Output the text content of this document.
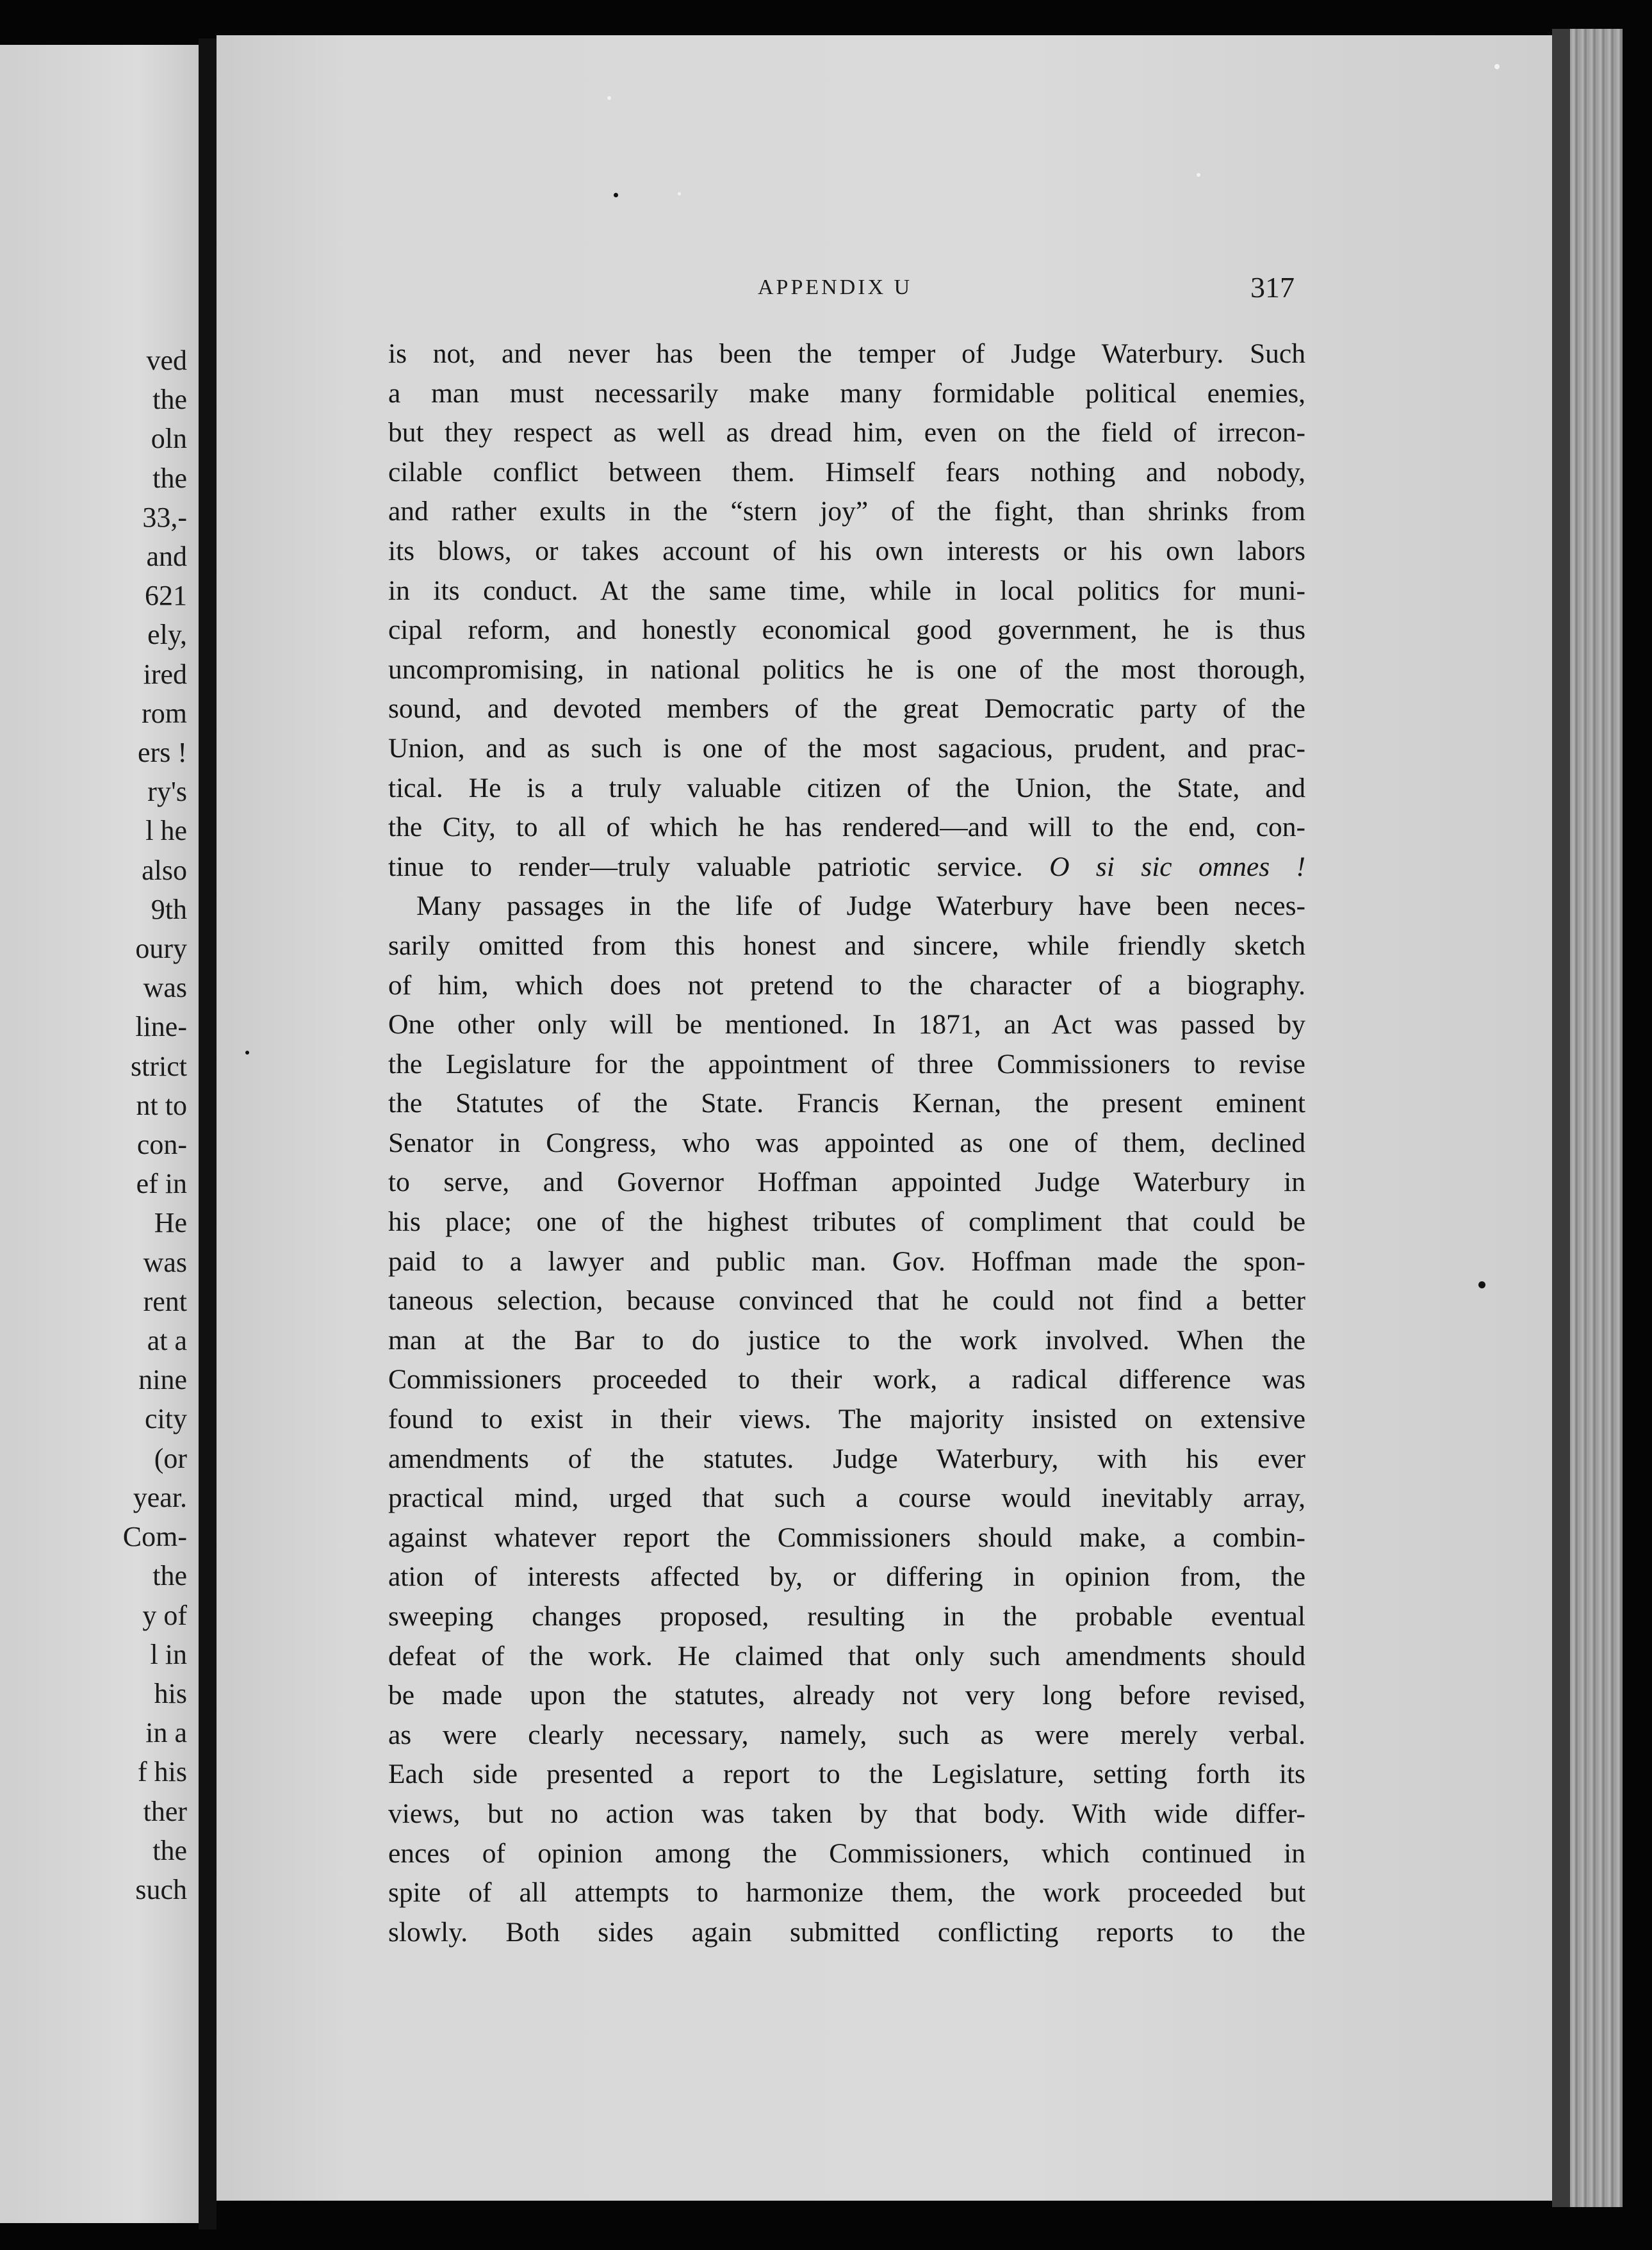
ved
the
oln
the
33,-
and
621
ely,
ired
rom
ers !
ry's
l he
also
9th
oury
was
line-
strict
nt to
con-
ef in
He
was
rent
at a
nine
city
(or
year.
Com-
the
y of
l in
his
in a
f his
ther
the
such
APPENDIX U	317
is not, and never has been the temper of Judge Waterbury. Such
a man must necessarily make many formidable political enemies,
but they respect as well as dread him, even on the field of irrecon-
cilable conflict between them. Himself fears nothing and nobody,
and rather exults in the “stern joy” of the fight, than shrinks from
its blows, or takes account of his own interests or his own labors
in its conduct. At the same time, while in local politics for muni-
cipal reform, and honestly economical good government, he is thus
uncompromising, in national politics he is one of the most thorough,
sound, and devoted members of the great Democratic party of the
Union, and as such is one of the most sagacious, prudent, and prac-
tical. He is a truly valuable citizen of the Union, the State, and
the City, to all of which he has rendered—and will to the end, con-
tinue to render—truly valuable patriotic service. O si sic omnes !
Many passages in the life of Judge Waterbury have been neces-
sarily omitted from this honest and sincere, while friendly sketch
of him, which does not pretend to the character of a biography.
One other only will be mentioned. In 1871, an Act was passed by
the Legislature for the appointment of three Commissioners to revise
the Statutes of the State. Francis Kernan, the present eminent
Senator in Congress, who was appointed as one of them, declined
to serve, and Governor Hoffman appointed Judge Waterbury in
his place; one of the highest tributes of compliment that could be
paid to a lawyer and public man. Gov. Hoffman made the spon-
taneous selection, because convinced that he could not find a better
man at the Bar to do justice to the work involved. When the
Commissioners proceeded to their work, a radical difference was
found to exist in their views. The majority insisted on extensive
amendments of the statutes. Judge Waterbury, with his ever
practical mind, urged that such a course would inevitably array,
against whatever report the Commissioners should make, a combin-
ation of interests affected by, or differing in opinion from, the
sweeping changes proposed, resulting in the probable eventual
defeat of the work. He claimed that only such amendments should
be made upon the statutes, already not very long before revised,
as were clearly necessary, namely, such as were merely verbal.
Each side presented a report to the Legislature, setting forth its
views, but no action was taken by that body. With wide differ-
ences of opinion among the Commissioners, which continued in
spite of all attempts to harmonize them, the work proceeded but
slowly. Both sides again submitted conflicting reports to the
